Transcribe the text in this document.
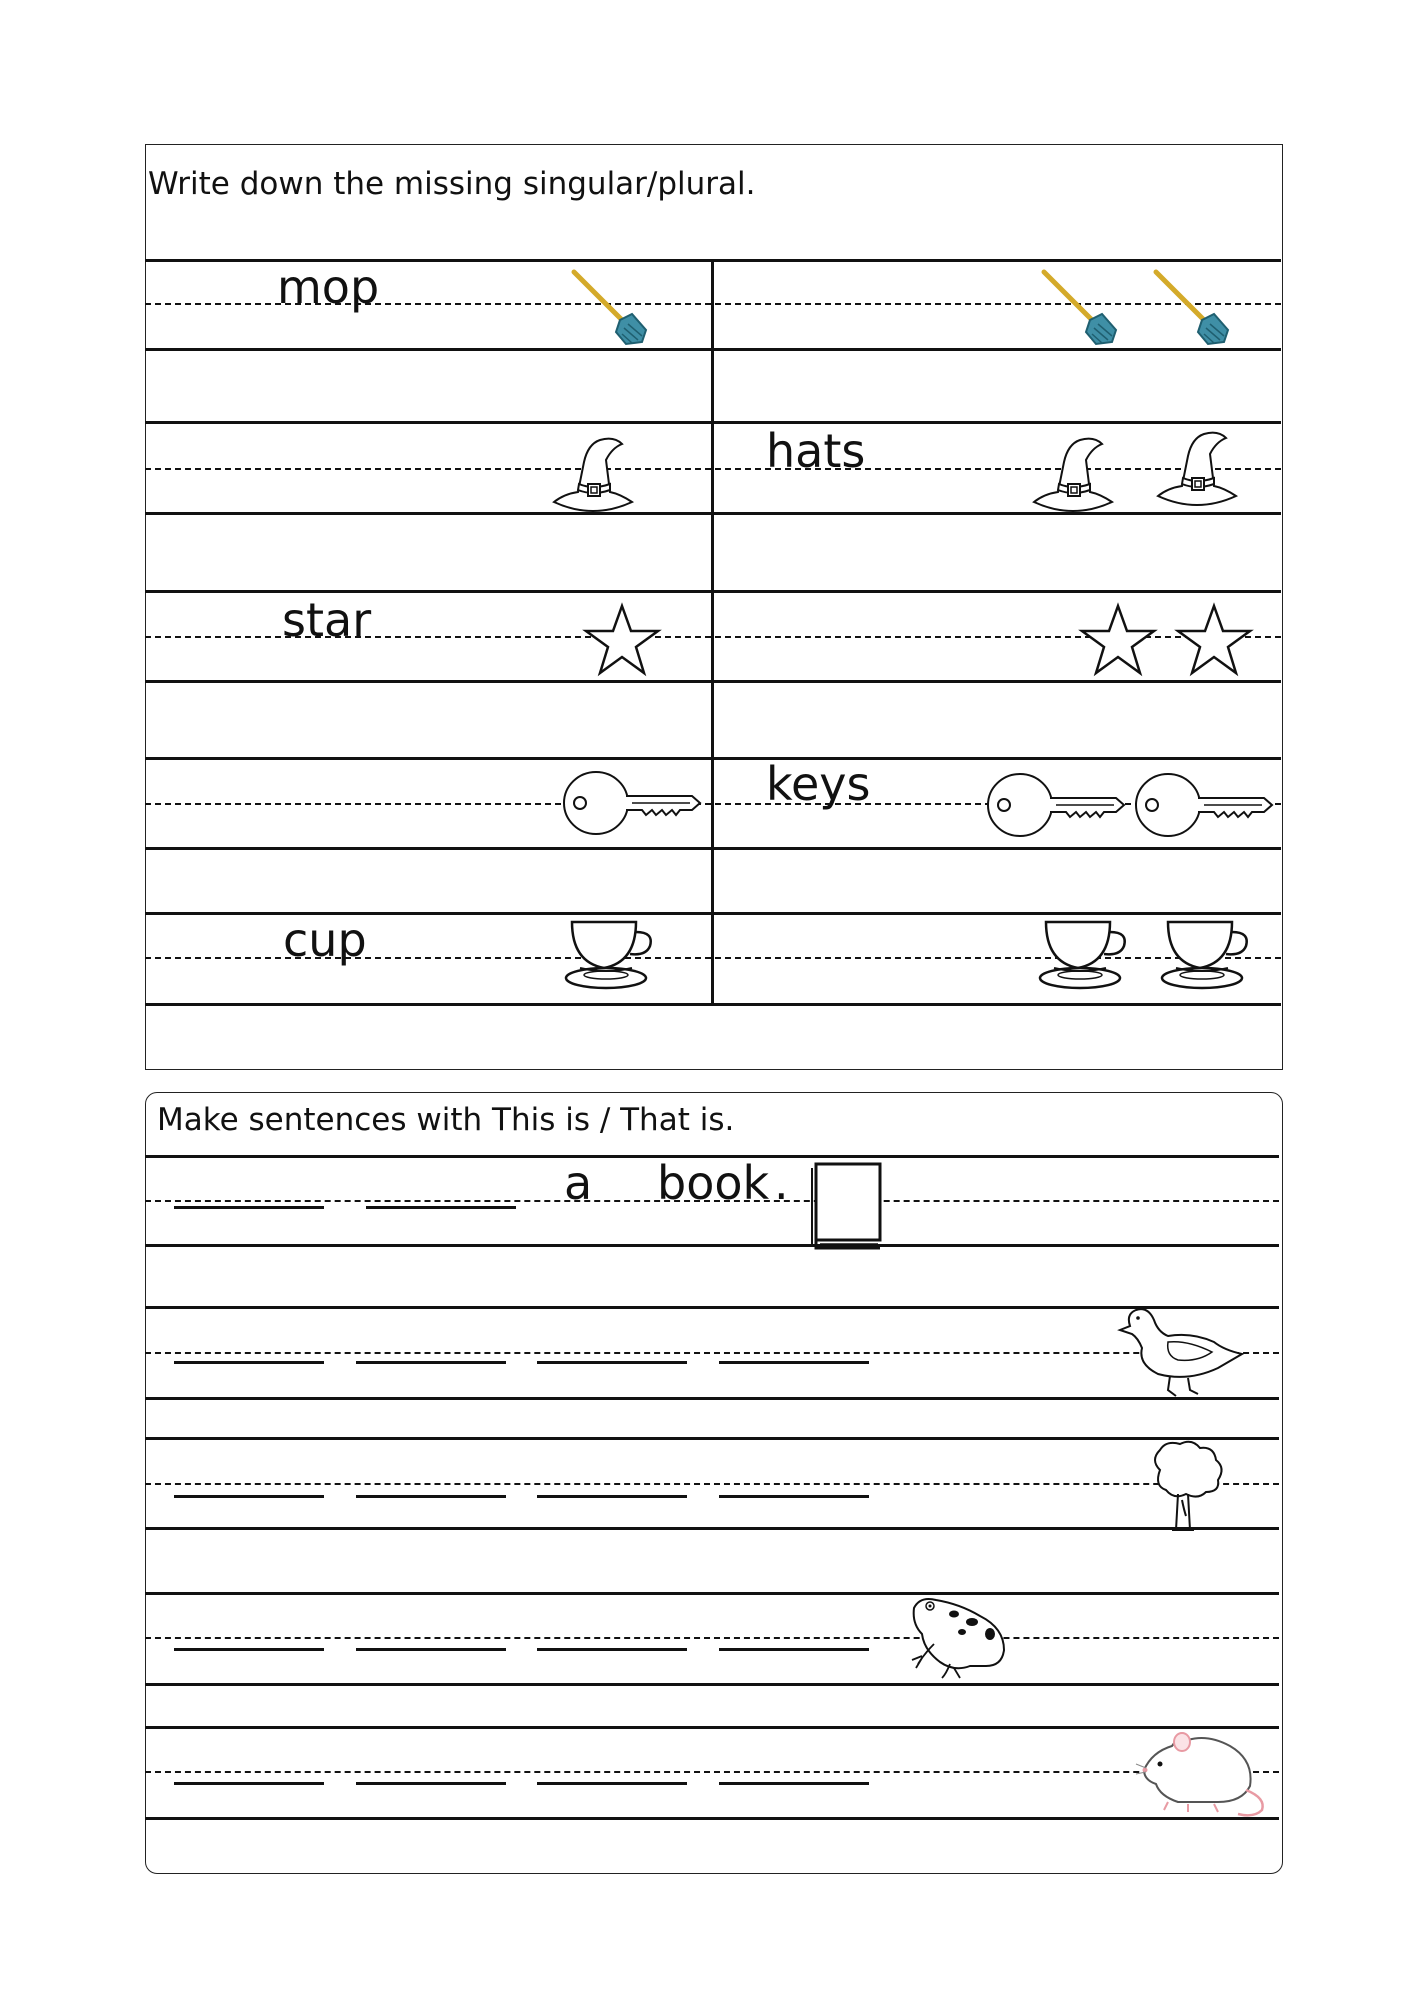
Write down the missing singular/plural.
mop
hats
star
keys
cup
Make sentences with This is / That is.
a book .
